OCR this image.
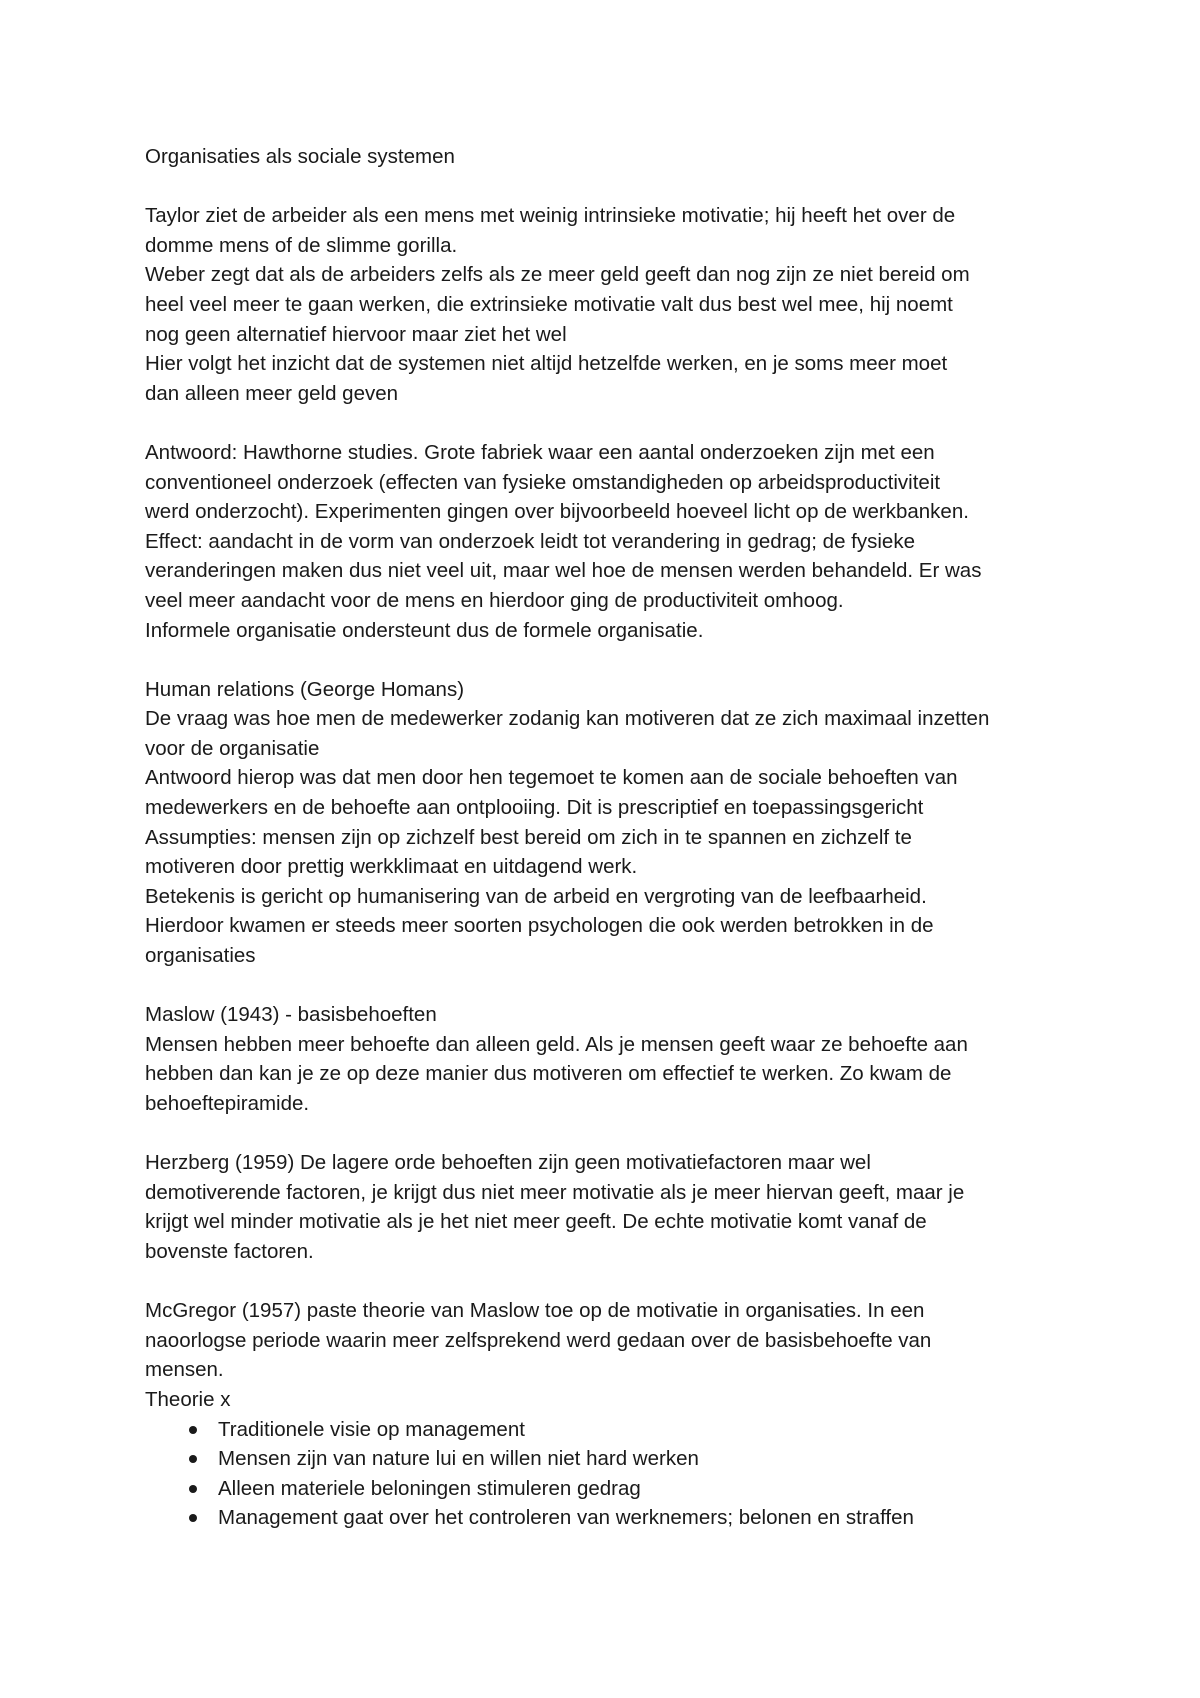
Organisaties als sociale systemen
Taylor ziet de arbeider als een mens met weinig intrinsieke motivatie; hij heeft het over de
domme mens of de slimme gorilla.
Weber zegt dat als de arbeiders zelfs als ze meer geld geeft dan nog zijn ze niet bereid om
heel veel meer te gaan werken, die extrinsieke motivatie valt dus best wel mee, hij noemt
nog geen alternatief hiervoor maar ziet het wel
Hier volgt het inzicht dat de systemen niet altijd hetzelfde werken, en je soms meer moet
dan alleen meer geld geven
Antwoord: Hawthorne studies. Grote fabriek waar een aantal onderzoeken zijn met een
conventioneel onderzoek (effecten van fysieke omstandigheden op arbeidsproductiviteit
werd onderzocht). Experimenten gingen over bijvoorbeeld hoeveel licht op de werkbanken.
Effect: aandacht in de vorm van onderzoek leidt tot verandering in gedrag; de fysieke
veranderingen maken dus niet veel uit, maar wel hoe de mensen werden behandeld. Er was
veel meer aandacht voor de mens en hierdoor ging de productiviteit omhoog.
Informele organisatie ondersteunt dus de formele organisatie.
Human relations (George Homans)
De vraag was hoe men de medewerker zodanig kan motiveren dat ze zich maximaal inzetten
voor de organisatie
Antwoord hierop was dat men door hen tegemoet te komen aan de sociale behoeften van
medewerkers en de behoefte aan ontplooiing. Dit is prescriptief en toepassingsgericht
Assumpties: mensen zijn op zichzelf best bereid om zich in te spannen en zichzelf te
motiveren door prettig werkklimaat en uitdagend werk.
Betekenis is gericht op humanisering van de arbeid en vergroting van de leefbaarheid.
Hierdoor kwamen er steeds meer soorten psychologen die ook werden betrokken in de
organisaties
Maslow (1943) - basisbehoeften
Mensen hebben meer behoefte dan alleen geld. Als je mensen geeft waar ze behoefte aan
hebben dan kan je ze op deze manier dus motiveren om effectief te werken. Zo kwam de
behoeftepiramide.
Herzberg (1959) De lagere orde behoeften zijn geen motivatiefactoren maar wel
demotiverende factoren, je krijgt dus niet meer motivatie als je meer hiervan geeft, maar je
krijgt wel minder motivatie als je het niet meer geeft. De echte motivatie komt vanaf de
bovenste factoren.
McGregor (1957) paste theorie van Maslow toe op de motivatie in organisaties. In een
naoorlogse periode waarin meer zelfsprekend werd gedaan over de basisbehoefte van
mensen.
Theorie x
Traditionele visie op management
Mensen zijn van nature lui en willen niet hard werken
Alleen materiele beloningen stimuleren gedrag
Management gaat over het controleren van werknemers; belonen en straffen
